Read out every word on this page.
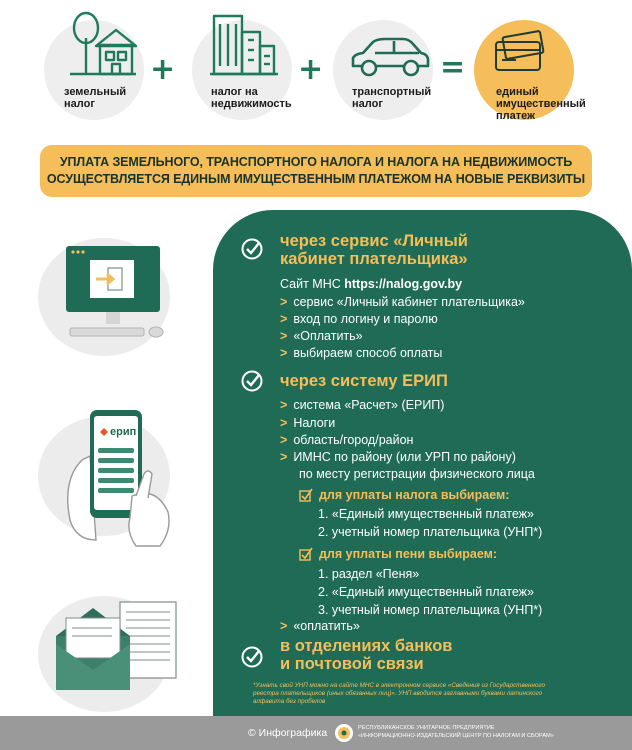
земельный
налог
+
налог на
недвижимость
+
транспортный
налог
=
единый
имущественный
платеж
УПЛАТА ЗЕМЕЛЬНОГО, ТРАНСПОРТНОГО НАЛОГА И НАЛОГА НА НЕДВИЖИМОСТЬ
ОСУЩЕСТВЛЯЕТСЯ ЕДИНЫМ ИМУЩЕСТВЕННЫМ ПЛАТЕЖОМ НА НОВЫЕ РЕКВИЗИТЫ
ерип
через сервис «Личный
кабинет плательщика»
Сайт МНС https://nalog.gov.by
> сервис «Личный кабинет плательщика»
> вход по логину и паролю
> «Оплатить»
> выбираем способ оплаты
через систему ЕРИП
> система «Расчет» (ЕРИП)
> Налоги
> область/город/район
> ИМНС по району (или УРП по району)
по месту регистрации физического лица
для уплаты налога выбираем:
1. «Единый имущественный платеж»
2. учетный номер плательщика (УНП*)
для уплаты пени выбираем:
1. раздел «Пеня»
2. «Единый имущественный платеж»
3. учетный номер плательщика (УНП*)
> «оплатить»
в отделениях банков
и почтовой связи
*Узнать свой УНП можно на сайте МНС в электронном сервисе «Сведения из Государственного
реестра плательщиков (иных обязанных лиц)». УНП вводится заглавными буквами латинского
алфавита без пробелов
© Инфографика	РЕСПУБЛИКАНСКОЕ УНИТАРНОЕ ПРЕДПРИЯТИЕ
«ИНФОРМАЦИОННО-ИЗДАТЕЛЬСКИЙ ЦЕНТР ПО НАЛОГАМ И СБОРАМ»
